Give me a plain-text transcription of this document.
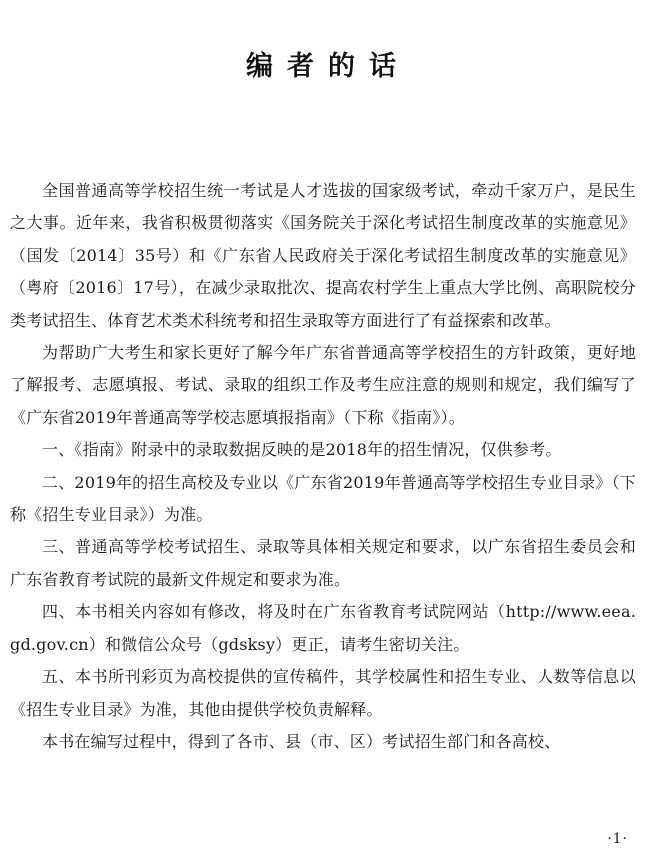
编者的话

全国普通高等学校招生统一考试是人才选拔的国家级考试，牵动千家万户，是民生之大事。近年来，我省积极贯彻落实《国务院关于深化考试招生制度改革的实施意见》（国发〔2014〕35号）和《广东省人民政府关于深化考试招生制度改革的实施意见》（粤府〔2016〕17号），在减少录取批次、提高农村学生上重点大学比例、高职院校分类考试招生、体育艺术类术科统考和招生录取等方面进行了有益探索和改革。

为帮助广大考生和家长更好了解今年广东省普通高等学校招生的方针政策，更好地了解报考、志愿填报、考试、录取的组织工作及考生应注意的规则和规定，我们编写了《广东省2019年普通高等学校志愿填报指南》（下称《指南》）。

一、《指南》附录中的录取数据反映的是2018年的招生情况，仅供参考。

二、2019年的招生高校及专业以《广东省2019年普通高等学校招生专业目录》（下称《招生专业目录》）为准。

三、普通高等学校考试招生、录取等具体相关规定和要求，以广东省招生委员会和广东省教育考试院的最新文件规定和要求为准。

四、本书相关内容如有修改，将及时在广东省教育考试院网站（http://www.eea.gd.gov.cn）和微信公众号（gdsksy）更正，请考生密切关注。

五、本书所刊彩页为高校提供的宣传稿件，其学校属性和招生专业、人数等信息以《招生专业目录》为准，其他由提供学校负责解释。

本书在编写过程中，得到了各市、县（市、区）考试招生部门和各高校、

·1·
